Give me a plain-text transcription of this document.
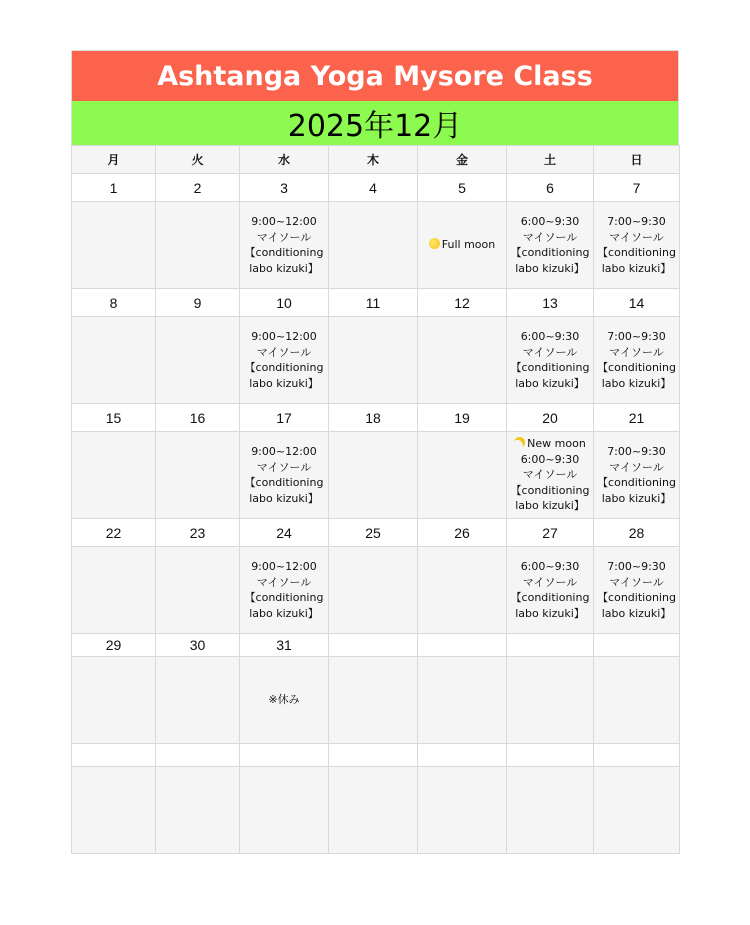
Ashtanga Yoga Mysore Class
2025年12月
月	火	水	木	金	土	日
1	2	3	4	5	6	7

		9:00~12:00
マイソール
【conditioning
labo kizuki】		Full moon	6:00~9:30
マイソール
【conditioning
labo kizuki】	7:00~9:30
マイソール
【conditioning
labo kizuki】

8	9	10	11	12	13	14

		9:00~12:00
マイソール
【conditioning
labo kizuki】			6:00~9:30
マイソール
【conditioning
labo kizuki】	7:00~9:30
マイソール
【conditioning
labo kizuki】

15	16	17	18	19	20	21

		9:00~12:00
マイソール
【conditioning
labo kizuki】			New moon
6:00~9:30
マイソール
【conditioning
labo kizuki】	7:00~9:30
マイソール
【conditioning
labo kizuki】

22	23	24	25	26	27	28

		9:00~12:00
マイソール
【conditioning
labo kizuki】			6:00~9:30
マイソール
【conditioning
labo kizuki】	7:00~9:30
マイソール
【conditioning
labo kizuki】

29	30	31				

		※休み				
